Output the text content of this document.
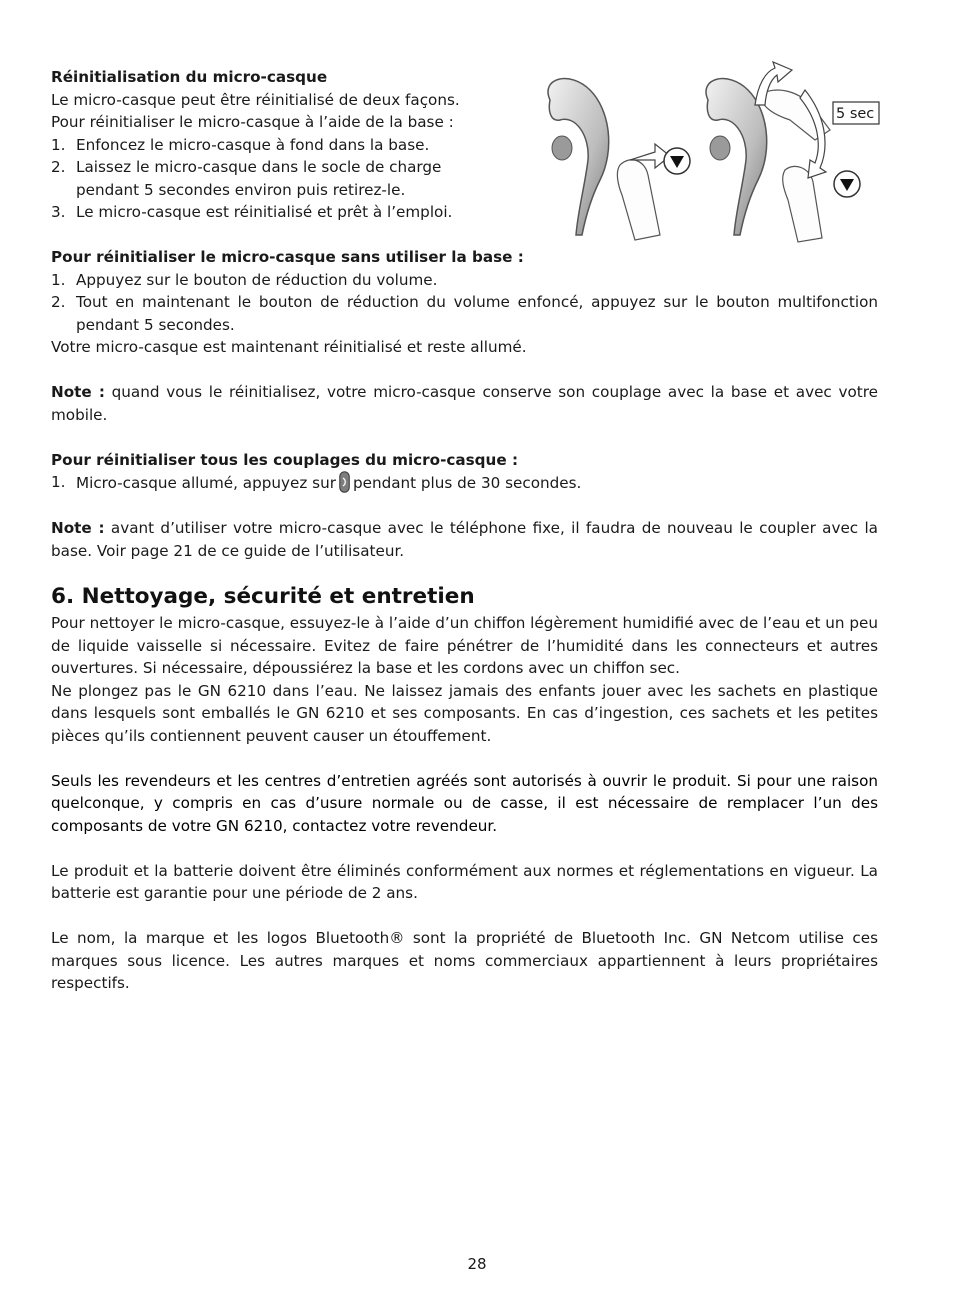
5 sec

Réinitialisation du micro-casque

Le micro-casque peut être réinitialisé de deux façons.

Pour réinitialiser le micro-casque à l’aide de la base :

1. Enfoncez le micro-casque à fond dans la base.
2. Laissez le micro-casque dans le socle de charge pendant 5 secondes environ puis retirez-le.
3. Le micro-casque est réinitialisé et prêt à l’emploi.

Pour réinitialiser le micro-casque sans utiliser la base :

1. Appuyez sur le bouton de réduction du volume.
2. Tout en maintenant le bouton de réduction du volume enfoncé, appuyez sur le bouton multifonction pendant 5 secondes.

Votre micro-casque est maintenant réinitialisé et reste allumé.

Note : quand vous le réinitialisez, votre micro-casque conserve son couplage avec la base et avec votre mobile.

Pour réinitialiser tous les couplages du micro-casque :

1. Micro-casque allumé, appuyez sur pendant plus de 30 secondes.

Note : avant d’utiliser votre micro-casque avec le téléphone fixe, il faudra de nouveau le coupler avec la base. Voir page 21 de ce guide de l’utilisateur.

6. Nettoyage, sécurité et entretien

Pour nettoyer le micro-casque, essuyez-le à l’aide d’un chiffon légèrement humidifié avec de l’eau et un peu de liquide vaisselle si nécessaire. Evitez de faire pénétrer de l’humidité dans les connecteurs et autres ouvertures. Si nécessaire, dépoussiérez la base et les cordons avec un chiffon sec.

Ne plongez pas le GN 6210 dans l’eau. Ne laissez jamais des enfants jouer avec les sachets en plastique dans lesquels sont emballés le GN 6210 et ses composants. En cas d’ingestion, ces sachets et les petites pièces qu’ils contiennent peuvent causer un étouffement.

Seuls les revendeurs et les centres d’entretien agréés sont autorisés à ouvrir le produit. Si pour une raison quelconque, y compris en cas d’usure normale ou de casse, il est nécessaire de remplacer l’un des composants de votre GN 6210, contactez votre revendeur.

Le produit et la batterie doivent être éliminés conformément aux normes et réglementations en vigueur. La batterie est garantie pour une période de 2 ans.

Le nom, la marque et les logos Bluetooth® sont la propriété de Bluetooth Inc. GN Netcom utilise ces marques sous licence. Les autres marques et noms commerciaux appartiennent à leurs propriétaires respectifs.

28
